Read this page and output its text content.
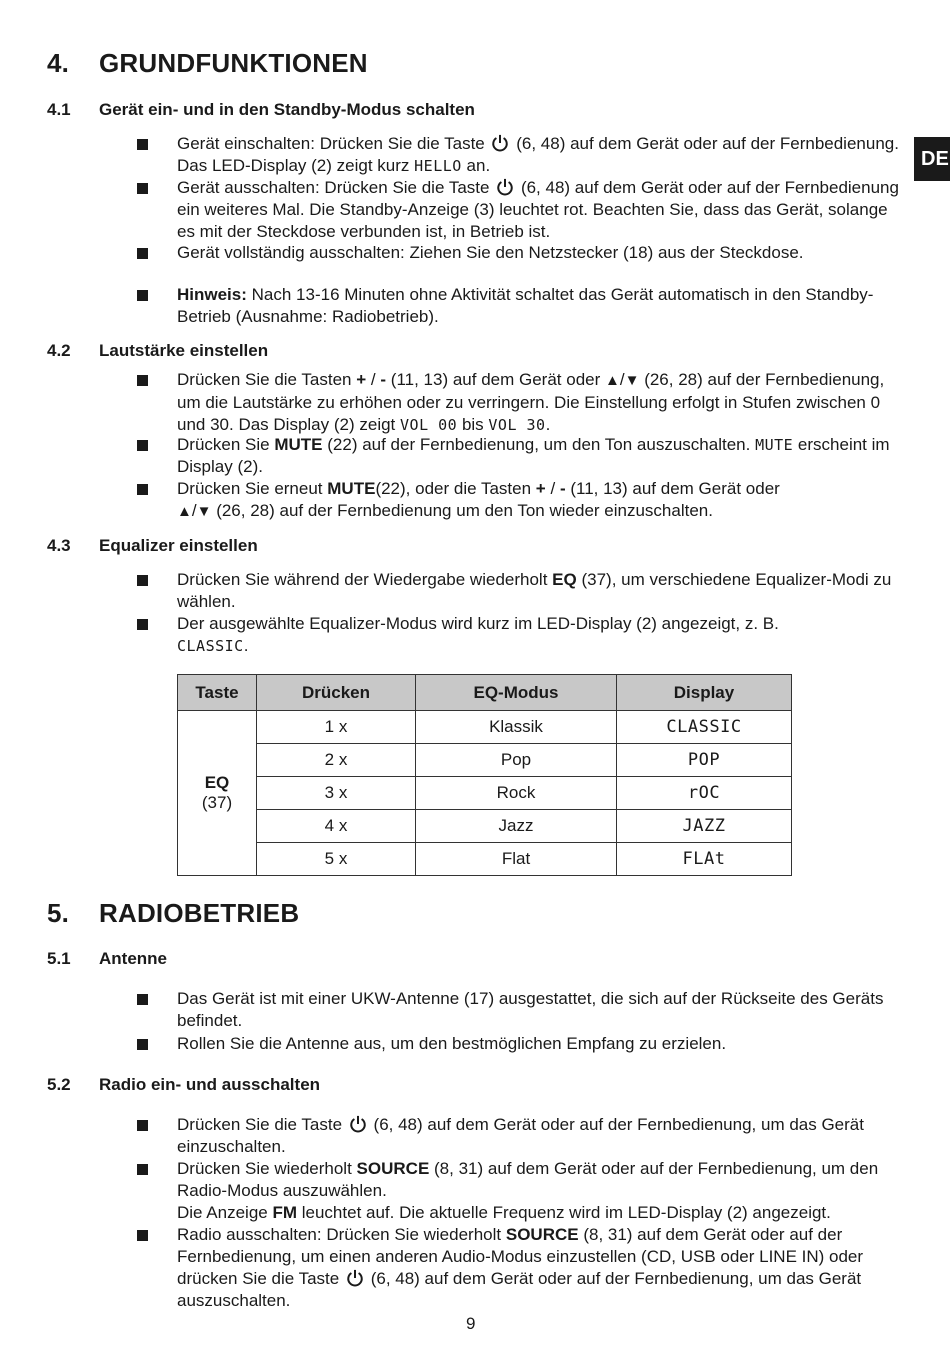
DE
4. GRUNDFUNKTIONEN
4.1 Gerät ein- und in den Standby-Modus schalten
Gerät einschalten: Drücken Sie die Taste (6, 48) auf dem Gerät oder auf der Fernbedienung. Das LED-Display (2) zeigt kurz HELLO an.
Gerät ausschalten: Drücken Sie die Taste (6, 48) auf dem Gerät oder auf der Fernbedienung ein weiteres Mal. Die Standby-Anzeige (3) leuchtet rot. Beachten Sie, dass das Gerät, solange es mit der Steckdose verbunden ist, in Betrieb ist.
Gerät vollständig ausschalten: Ziehen Sie den Netzstecker (18) aus der Steckdose.
Hinweis: Nach 13-16 Minuten ohne Aktivität schaltet das Gerät automatisch in den Standby-Betrieb (Ausnahme: Radiobetrieb).
4.2 Lautstärke einstellen
Drücken Sie die Tasten + / - (11, 13) auf dem Gerät oder ▲/▼ (26, 28) auf der Fernbedienung, um die Lautstärke zu erhöhen oder zu verringern. Die Einstellung erfolgt in Stufen zwischen 0 und 30. Das Display (2) zeigt VOL 00 bis VOL 30.
Drücken Sie MUTE (22) auf der Fernbedienung, um den Ton auszuschalten. MUTE erscheint im Display (2).
Drücken Sie erneut MUTE(22), oder die Tasten + / - (11, 13) auf dem Gerät oder
▲/▼ (26, 28) auf der Fernbedienung um den Ton wieder einzuschalten.
4.3 Equalizer einstellen
Drücken Sie während der Wiedergabe wiederholt EQ (37), um verschiedene Equalizer-Modi zu wählen.
Der ausgewählte Equalizer-Modus wird kurz im LED-Display (2) angezeigt, z. B.
CLASSIC.
Taste	Drücken	EQ-Modus	Display
EQ
(37)	1 x	Klassik	CLASSIC
	2 x	Pop	POP
	3 x	Rock	rOC
	4 x	Jazz	JAZZ
	5 x	Flat	FLAt
5. RADIOBETRIEB
5.1 Antenne
Das Gerät ist mit einer UKW-Antenne (17) ausgestattet, die sich auf der Rückseite des Geräts befindet.
Rollen Sie die Antenne aus, um den bestmöglichen Empfang zu erzielen.
5.2 Radio ein- und ausschalten
Drücken Sie die Taste (6, 48) auf dem Gerät oder auf der Fernbedienung, um das Gerät einzuschalten.
Drücken Sie wiederholt SOURCE (8, 31) auf dem Gerät oder auf der Fernbedienung, um den Radio-Modus auszuwählen.
Die Anzeige FM leuchtet auf. Die aktuelle Frequenz wird im LED-Display (2) angezeigt.
Radio ausschalten: Drücken Sie wiederholt SOURCE (8, 31) auf dem Gerät oder auf der Fernbedienung, um einen anderen Audio-Modus einzustellen (CD, USB oder LINE IN) oder drücken Sie die Taste (6, 48) auf dem Gerät oder auf der Fernbedienung, um das Gerät auszuschalten.
9
